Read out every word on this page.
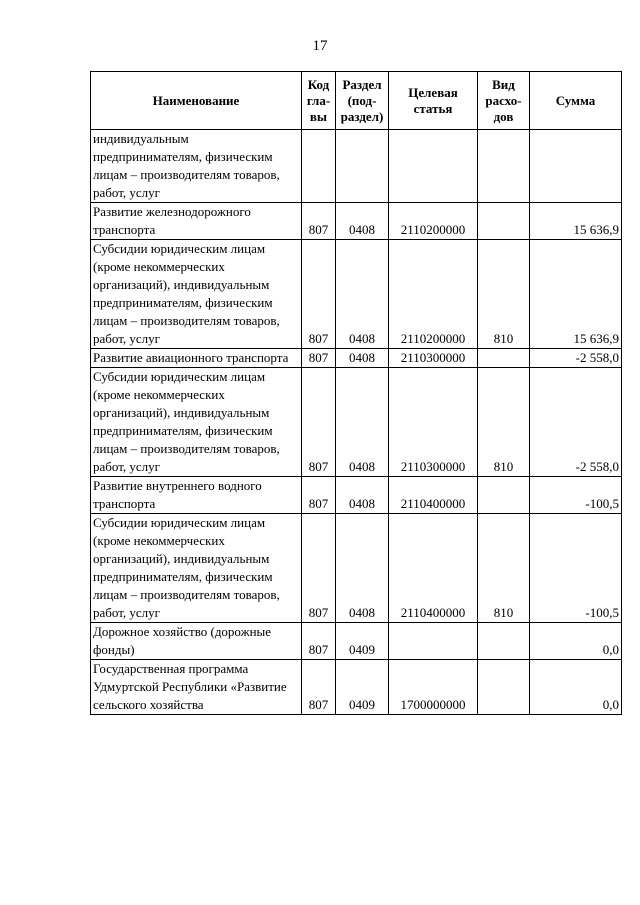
17
Наименование	Код гла-вы	Раздел (под-раздел)	Целевая статья	Вид расхо-дов	Сумма
индивидуальным предпринимателям, физическим лицам – производителям товаров, работ, услуг					
Развитие железнодорожного транспорта	807	0408	2110200000		15 636,9
Субсидии юридическим лицам (кроме некоммерческих организаций), индивидуальным предпринимателям, физическим лицам – производителям товаров, работ, услуг	807	0408	2110200000	810	15 636,9
Развитие авиационного транспорта	807	0408	2110300000		-2 558,0
Субсидии юридическим лицам (кроме некоммерческих организаций), индивидуальным предпринимателям, физическим лицам – производителям товаров, работ, услуг	807	0408	2110300000	810	-2 558,0
Развитие внутреннего водного транспорта	807	0408	2110400000		-100,5
Субсидии юридическим лицам (кроме некоммерческих организаций), индивидуальным предпринимателям, физическим лицам – производителям товаров, работ, услуг	807	0408	2110400000	810	-100,5
Дорожное хозяйство (дорожные фонды)	807	0409			0,0
Государственная программа Удмуртской Республики «Развитие сельского хозяйства	807	0409	1700000000		0,0
